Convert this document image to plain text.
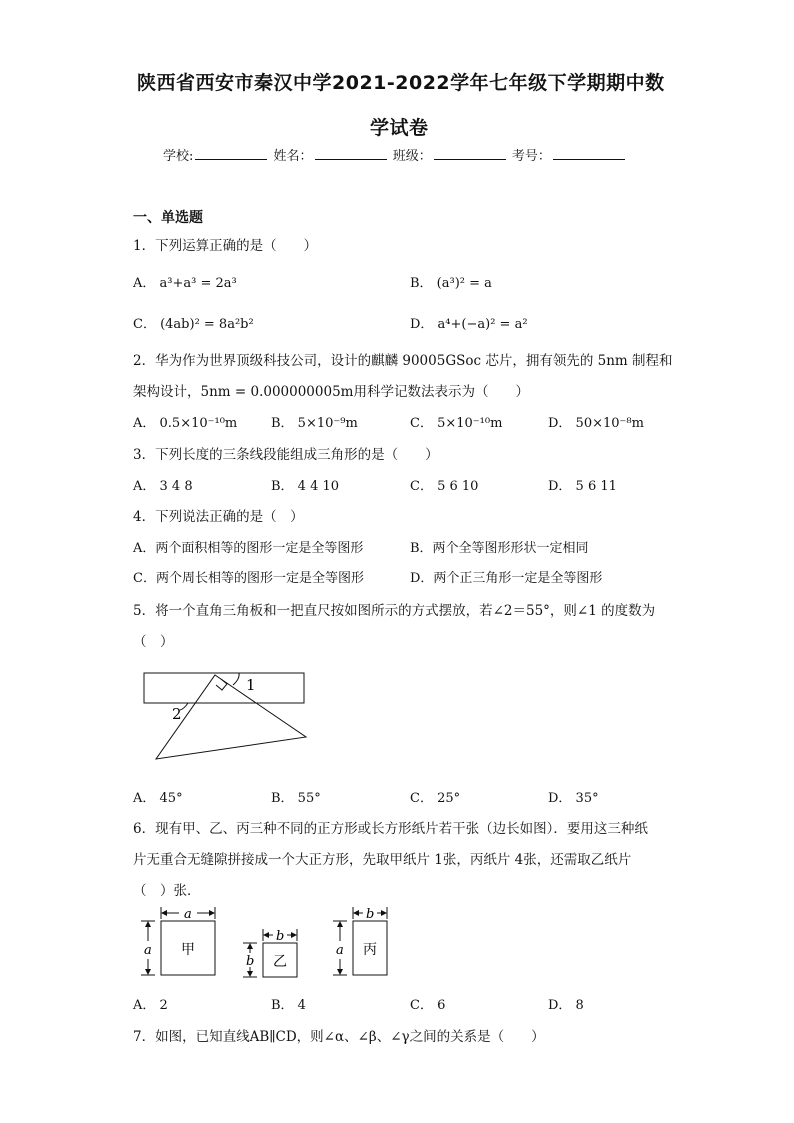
陕西省西安市秦汉中学2021-2022学年七年级下学期期中数
学试卷
学校:	姓名：	班级：	考号：
一、单选题
1．下列运算正确的是（　　）
A． a³+a³ = 2a³	B． (a³)² = a
C． (4ab)² = 8a²b²	D． a⁴+(−a)² = a²
2．华为作为世界顶级科技公司，设计的麒麟 90005GSoc 芯片，拥有领先的 5nm 制程和
架构设计，5nm = 0.000000005m用科学记数法表示为（　　）
A． 0.5×10⁻¹⁰m	B． 5×10⁻⁹m	C． 5×10⁻¹⁰m	D． 50×10⁻⁸m
3．下列长度的三条线段能组成三角形的是（　　）
A． 3 4 8	B． 4 4 10	C． 5 6 10	D． 5 6 11
4．下列说法正确的是（　）
A．两个面积相等的图形一定是全等图形	B．两个全等图形形状一定相同
C．两个周长相等的图形一定是全等图形	D．两个正三角形一定是全等图形
5．将一个直角三角板和一把直尺按如图所示的方式摆放，若∠2＝55°，则∠1 的度数为
（　）
1
2
A． 45°	B． 55°	C． 25°	D． 35°
6．现有甲、乙、丙三种不同的正方形或长方形纸片若干张（边长如图）．要用这三种纸
片无重合无缝隙拼接成一个大正方形，先取甲纸片 1张，丙纸片 4张，还需取乙纸片
（　）张．
a
a 甲
b
b 乙
b
a 丙
A． 2	B． 4	C． 6	D． 8
7．如图，已知直线AB∥CD，则∠α、∠β、∠γ之间的关系是（　　）
